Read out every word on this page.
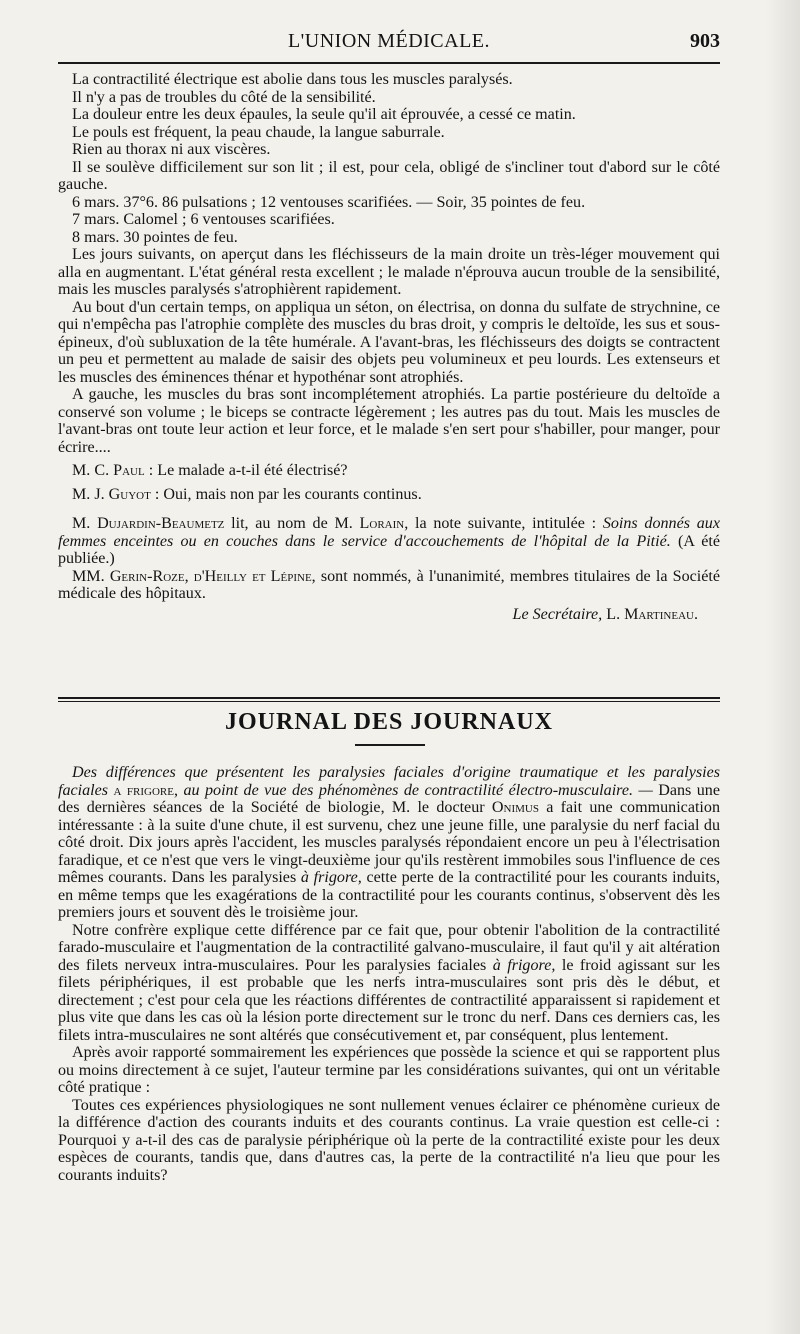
L'UNION MÉDICALE.	903

La contractilité électrique est abolie dans tous les muscles paralysés.

Il n'y a pas de troubles du côté de la sensibilité.

La douleur entre les deux épaules, la seule qu'il ait éprouvée, a cessé ce matin.

Le pouls est fréquent, la peau chaude, la langue saburrale.

Rien au thorax ni aux viscères.

Il se soulève difficilement sur son lit ; il est, pour cela, obligé de s'incliner tout d'abord sur le côté gauche.

6 mars. 37°6. 86 pulsations ; 12 ventouses scarifiées. — Soir, 35 pointes de feu.

7 mars. Calomel ; 6 ventouses scarifiées.

8 mars. 30 pointes de feu.

Les jours suivants, on aperçut dans les fléchisseurs de la main droite un très-léger mouvement qui alla en augmentant. L'état général resta excellent ; le malade n'éprouva aucun trouble de la sensibilité, mais les muscles paralysés s'atrophièrent rapidement.

Au bout d'un certain temps, on appliqua un séton, on électrisa, on donna du sulfate de strychnine, ce qui n'empêcha pas l'atrophie complète des muscles du bras droit, y compris le deltoïde, les sus et sous-épineux, d'où subluxation de la tête humérale. A l'avant-bras, les fléchisseurs des doigts se contractent un peu et permettent au malade de saisir des objets peu volumineux et peu lourds. Les extenseurs et les muscles des éminences thénar et hypothénar sont atrophiés.

A gauche, les muscles du bras sont incomplétement atrophiés. La partie postérieure du deltoïde a conservé son volume ; le biceps se contracte légèrement ; les autres pas du tout. Mais les muscles de l'avant-bras ont toute leur action et leur force, et le malade s'en sert pour s'habiller, pour manger, pour écrire....

M. C. Paul : Le malade a-t-il été électrisé?

M. J. Guyot : Oui, mais non par les courants continus.

M. Dujardin-Beaumetz lit, au nom de M. Lorain, la note suivante, intitulée : Soins donnés aux femmes enceintes ou en couches dans le service d'accouchements de l'hôpital de la Pitié. (A été publiée.)

MM. Gerin-Roze, d'Heilly et Lépine, sont nommés, à l'unanimité, membres titulaires de la Société médicale des hôpitaux.

Le Secrétaire, L. Martineau.

JOURNAL DES JOURNAUX

Des différences que présentent les paralysies faciales d'origine traumatique et les paralysies faciales a frigore, au point de vue des phénomènes de contractilité électro-musculaire. — Dans une des dernières séances de la Société de biologie, M. le docteur Onimus a fait une communication intéressante : à la suite d'une chute, il est survenu, chez une jeune fille, une paralysie du nerf facial du côté droit. Dix jours après l'accident, les muscles paralysés répondaient encore un peu à l'électrisation faradique, et ce n'est que vers le vingt-deuxième jour qu'ils restèrent immobiles sous l'influence de ces mêmes courants. Dans les paralysies à frigore, cette perte de la contractilité pour les courants induits, en même temps que les exagérations de la contractilité pour les courants continus, s'observent dès les premiers jours et souvent dès le troisième jour.

Notre confrère explique cette différence par ce fait que, pour obtenir l'abolition de la contractilité farado-musculaire et l'augmentation de la contractilité galvano-musculaire, il faut qu'il y ait altération des filets nerveux intra-musculaires. Pour les paralysies faciales à frigore, le froid agissant sur les filets périphériques, il est probable que les nerfs intra-musculaires sont pris dès le début, et directement ; c'est pour cela que les réactions différentes de contractilité apparaissent si rapidement et plus vite que dans les cas où la lésion porte directement sur le tronc du nerf. Dans ces derniers cas, les filets intra-musculaires ne sont altérés que consécutivement et, par conséquent, plus lentement.

Après avoir rapporté sommairement les expériences que possède la science et qui se rapportent plus ou moins directement à ce sujet, l'auteur termine par les considérations suivantes, qui ont un véritable côté pratique :

Toutes ces expériences physiologiques ne sont nullement venues éclairer ce phénomène curieux de la différence d'action des courants induits et des courants continus. La vraie question est celle-ci : Pourquoi y a-t-il des cas de paralysie périphérique où la perte de la contractilité existe pour les deux espèces de courants, tandis que, dans d'autres cas, la perte de la contractilité n'a lieu que pour les courants induits?
